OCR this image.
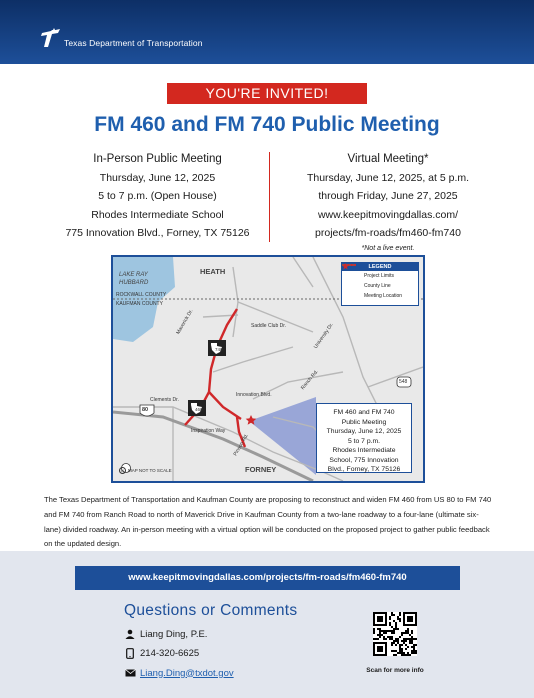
Texas Department of Transportation
YOU'RE INVITED!
FM 460 and FM 740 Public Meeting
In-Person Public Meeting
Thursday, June 12, 2025
5 to 7 p.m. (Open House)
Rhodes Intermediate School
775 Innovation Blvd., Forney, TX 75126
Virtual Meeting*
Thursday, June 12, 2025, at 5 p.m.
through Friday, June 27, 2025
www.keepitmovingdallas.com/
projects/fm-roads/fm460-fm740
*Not a live event.
LAKE RAY
HUBBARD
HEATH
ROCKWALL COUNTY
KAUFMAN COUNTY
Maverick Dr.	Saddle Club Dr.	University Dr.
Ranch Rd.
Innovation Blvd.
Clements Dr.
Inspiration Way
Pinson Rd.
FORNEY
80
548
740
460
LEGEND
Project Limits
County Line
Meeting Location
FM 460 and FM 740
Public Meeting
Thursday, June 12, 2025
5 to 7 p.m.
Rhodes Intermediate
School, 775 Innovation
Blvd., Forney, TX 75126
N MAP NOT TO SCALE
The Texas Department of Transportation and Kaufman County are proposing to reconstruct and widen FM 460 from US 80 to FM 740 and FM 740 from Ranch Road to north of Maverick Drive in Kaufman County from a two-lane roadway to a four-lane (ultimate six-lane) divided roadway. An in-person meeting with a virtual option will be conducted on the proposed project to gather public feedback on the updated design.
www.keepitmovingdallas.com/projects/fm-roads/fm460-fm740
Questions or Comments
Liang Ding, P.E.
214-320-6625
Liang.Ding@txdot.gov	Scan for more info
